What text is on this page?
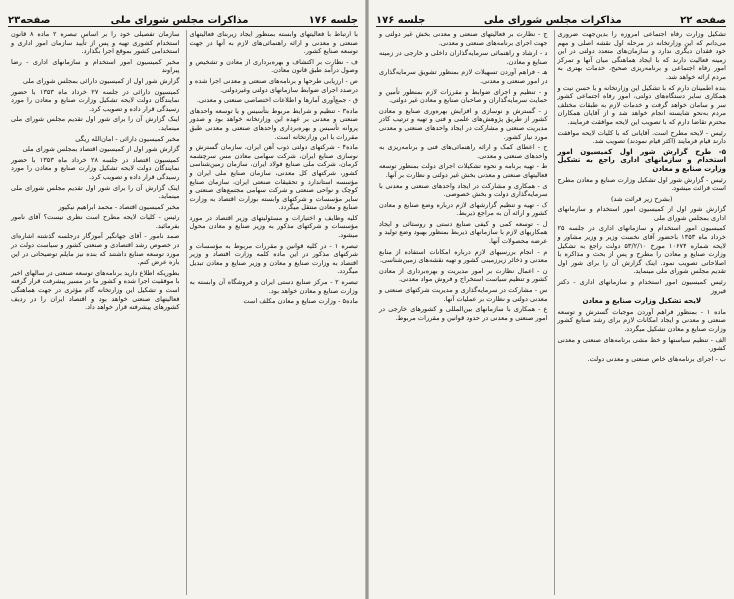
جلسه ۱۷۶
مذاکرات مجلس شورای ملی
صفحه۲۳

با ارتباط با فعالیتهای وابسته بمنظور ایجاد زیربنای فعالیتهای صنعتی و معدنی و ارائه راهنمائی‌های لازم به آنها در جهت توسعه صنایع کشور.

ف - نظارت بر اکتشاف و بهره‌برداری از معادن و تشخیص و وصول درآمد طبق قانون معادن.

ص - ارزیابی طرحها و برنامه‌های صنعتی و معدنی اجرا شده و درصدد اجرای ضوابط سازمانهای دولتی وغیردولتی.

ق - جمع‌آوری آمارها و اطلاعات اختصاصی صنعتی و معدنی.

ماده۳ - تنظیم و شرایط مربوط بتأسیس و یا توسعه واحدهای صنعتی و معدنی بر عهده این وزارتخانه خواهد بود و صدور پروانه تأسیس و بهره‌برداری واحدهای صنعتی و معدنی طبق مقررات با این وزارتخانه است.

ماده۴ - شرکتهای دولتی ذوب آهن ایران، سازمان گسترش و نوسازی صنایع ایران، شرکت سهامی معادن مس سرچشمه کرمان، شرکت ملی صنایع فولاد ایران، سازمان زمین‌شناسی کشور، شرکتهای کل معدنی، سازمان صنایع ملی ایران و مؤسسه استاندارد و تحقیقات صنعتی ایران، سازمان صنایع کوچک و نواحی صنعتی و شرکت سهامی مجتمع‌های صنعتی و سایر مؤسسات و شرکتهای وابسته بوزارت اقتصاد به وزارت صنایع و معادن منتقل میگردد.

کلیه وظایف و اختیارات و مسئولیتهای وزیر اقتصاد در مورد مؤسسات و شرکتهای مذکور به وزیر صنایع و معادن محول میشود.

تبصره ۱ - در کلیه قوانین و مقررات مربوط به مؤسسات و شرکتهای مذکور در این ماده کلمه وزارت اقتصاد و وزیر اقتصاد به وزارت صنایع و معادن و وزیر صنایع و معادن تبدیل میگردد.

تبصره ۲ - مرکز صنایع دستی ایران و فروشگاه آن وابسته به وزارت صنایع و معادن خواهد بود.

ماده۵ - وزارت صنایع و معادن مکلف است

سازمان تفصیلی خود را بر اساس تبصره ۲ ماده ۸ قانون استخدام کشوری تهیه و پس از تأیید سازمان امور اداری و استخدامی کشور بموقع اجرا بگذارد.

مخبر کمیسیون امور استخدام و سازمانهای اداری - رضا پیراوند

گزارش شور اول از کمیسیون دارائی بمجلس شورای ملی

کمیسیون دارائی در جلسه ۲۷ خرداد ماه ۱۳۵۳ با حضور نمایندگان دولت لایحه تشکیل وزارت صنایع و معادن را مورد رسیدگی قرار داده و تصویب کرد.

اینک گزارش آن را برای شور اول تقدیم مجلس شورای ملی مینماید.

مخبر کمیسیون دارائی - امان‌الله ریگی

گزارش شور اول از کمیسیون اقتصاد بمجلس شورای ملی

کمیسیون اقتصاد در جلسه ۲۸ خرداد ماه ۱۳۵۳ با حضور نمایندگان دولت لایحه تشکیل وزارت صنایع و معادن را مورد رسیدگی قرار داده و تصویب کرد.

اینک گزارش آن را برای شور اول تقدیم مجلس شورای ملی مینماید.

مخبر کمیسیون اقتصاد - محمد ابراهیم نیکپور

رئیس - کلیات لایحه مطرح است نظری نیست؟ آقای نامور بفرمائید.

صمد نامور - آقای جهانگیر آموزگار درجلسه گذشته اشاره‌ای در خصوص رشد اقتصادی و صنعتی کشور و سیاست دولت در مورد توسعه صنایع داشتند که بنده نیز مایلم توضیحاتی در این باره عرض کنم.

بطوریکه اطلاع دارید برنامه‌های توسعه صنعتی در سالهای اخیر با موفقیت اجرا شده و کشور ما در مسیر پیشرفت قرار گرفته است و تشکیل این وزارتخانه گام مؤثری در جهت هماهنگی فعالیتهای صنعتی خواهد بود و اقتصاد ایران را در ردیف کشورهای پیشرفته قرار خواهد داد.

صفحه ۲۲
مذاکرات مجلس شورای ملی
جلسه ۱۷۶

تشکیل وزارت رفاه اجتماعی امروزه را بدین‌جهت ضروری می‌دانم که این وزارتخانه در مرحله اول نقشه اصلی و مهم خود فقدان دیگری ندارد و سازمان‌های متعدد دولتی در این زمینه فعالیت دارند که با ایجاد هماهنگی میان آنها و تمرکز امور رفاه اجتماعی و برنامه‌ریزی صحیح، خدمات بهتری به مردم ارائه خواهد شد.

بنده اطمینان دارم که با تشکیل این وزارتخانه و با حسن نیت و همکاری سایر دستگاه‌های دولتی، امور رفاه اجتماعی کشور سر و سامان خواهد گرفت و خدمات لازم به طبقات مختلف مردم به‌نحو شایسته انجام خواهد شد و از آقایان همکاران محترم تقاضا دارم که با تصویب این لایحه موافقت فرمایند.

رئیس - لایحه مطرح است. آقایانی که با کلیات لایحه موافقت دارند قیام فرمایند (اکثر قیام نمودند) تصویب شد.

۵- طرح گزارش شور اول کمیسیون امور استخدام و سازمانهای اداری راجع به تشکیل وزارت صنایع و معادن

رئیس - گزارش شور اول تشکیل وزارت صنایع و معادن مطرح است قرائت میشود.

(بشرح زیر قرائت شد)

گزارش شور اول از کمیسیون امور استخدام و سازمانهای اداری بمجلس شورای ملی

کمیسیون امور استخدام و سازمانهای اداری در جلسه ۲۵ خرداد ماه ۱۳۵۳ باحضور آقای نخست وزیر و وزیر مشاور و لایحه شماره ۱۰۶۷۴ مورخ ۵۳/۲/۱۰ دولت راجع به تشکیل وزارت صنایع و معادن را مطرح و پس از بحث و مذاکره با اصلاحاتی تصویب نمود. اینک گزارش آن را برای شور اول تقدیم مجلس شورای ملی مینماید.

رئیس کمیسیون امور استخدام و سازمانهای اداری - دکتر فیروز

لایحه تشکیل وزارت صنایع و معادن

ماده ۱ - بمنظور فراهم آوردن موجبات گسترش و توسعه صنعتی و معدنی و ایجاد امکانات لازم برای رشد صنایع کشور وزارت صنایع و معادن تشکیل میگردد.

الف - تنظیم سیاستها و خط مشی برنامه‌های صنعتی و معدنی کشور.

ب - اجرای برنامه‌های خاص صنعتی و معدنی دولت.

ج - نظارت بر فعالیتهای صنعتی و معدنی بخش غیر دولتی و جهت اجرای برنامه‌های صنعتی و معدنی.

د - ارشاد و راهنمائی سرمایه‌گذاران داخلی و خارجی در زمینه صنایع و معادن.

هـ - فراهم آوردن تسهیلات لازم بمنظور تشویق سرمایه‌گذاری در امور صنعتی و معدنی.

و - تنظیم و اجرای ضوابط و مقررات لازم بمنظور تأمین و حمایت سرمایه‌گذاران و صاحبان صنایع و معادن غیر دولتی.

ز - گسترش و نوسازی و افزایش بهره‌وری صنایع و معادن کشور از طریق پژوهش‌های علمی و فنی و تهیه و ترتیب کادر مدیریت صنعتی و مشارکت در ایجاد واحدهای صنعتی و معدنی مورد نیاز کشور.

ح - اعطای کمک و ارائه راهنمائی‌های فنی و برنامه‌ریزی به واحدهای صنعتی و معدنی.

ط - تهیه برنامه و نحوه تشکیلات اجرای دولت بمنظور توسعه فعالیتهای صنعتی و معدنی بخش غیر دولتی و نظارت بر آنها.

ی - همکاری و مشارکت در ایجاد واحدهای صنعتی و معدنی با سرمایه‌گذاری دولت و بخش خصوصی.

ک - تهیه و تنظیم گزارشهای لازم درباره وضع صنایع و معادن کشور و ارائه آن به مراجع ذیربط.

ل - توسعه کمی و کیفی صنایع دستی و روستائی و ایجاد همکاریهای لازم با سازمانهای ذیربط بمنظور بهبود وضع تولید و عرضه محصولات آنها.

م - انجام بررسیهای لازم درباره امکانات استفاده از منابع معدنی و ذخائر زیرزمینی کشور و تهیه نقشه‌های زمین‌شناسی.

ن - اعمال نظارت بر امور مدیریت و بهره‌برداری از معادن کشور و تنظیم سیاست استخراج و فروش مواد معدنی.

س - مشارکت در سرمایه‌گذاری و مدیریت شرکتهای صنعتی و معدنی دولتی و نظارت بر عملیات آنها.

ع - همکاری با سازمانهای بین‌المللی و کشورهای خارجی در امور صنعتی و معدنی در حدود قوانین و مقررات مربوط.
